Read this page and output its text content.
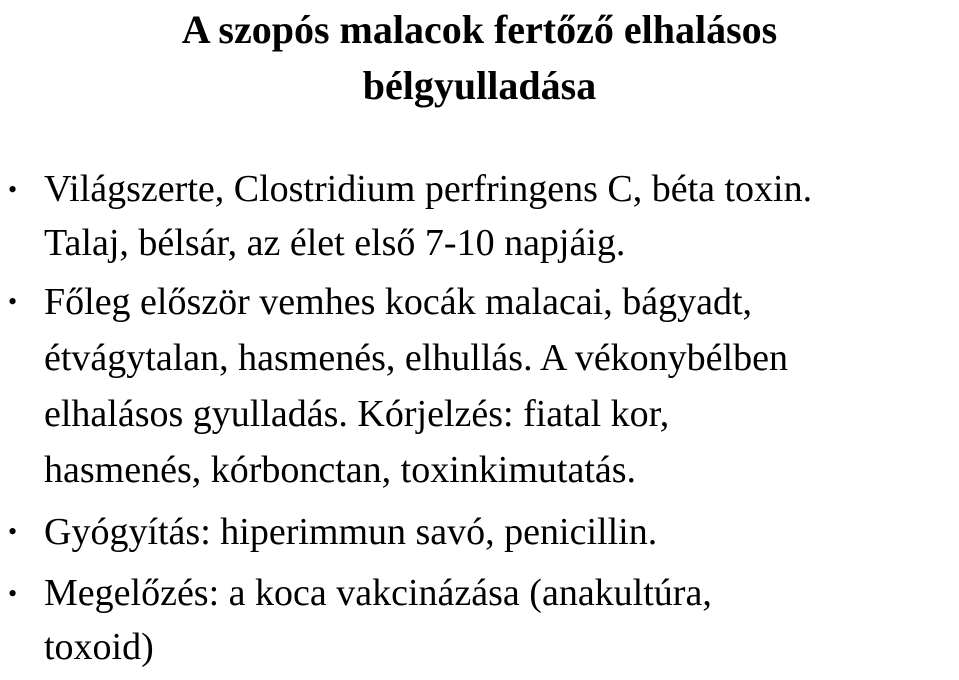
A szopós malacok fertőző elhalásos
bélgyulladása
• Világszerte, Clostridium perfringens C, béta toxin.
Talaj, bélsár, az élet első 7-10 napjáig.
• Főleg először vemhes kocák malacai, bágyadt,
étvágytalan, hasmenés, elhullás. A vékonybélben
elhalásos gyulladás. Kórjelzés: fiatal kor,
hasmenés, kórbonctan, toxinkimutatás.
• Gyógyítás: hiperimmun savó, penicillin.
• Megelőzés: a koca vakcinázása (anakultúra,
toxoid)
